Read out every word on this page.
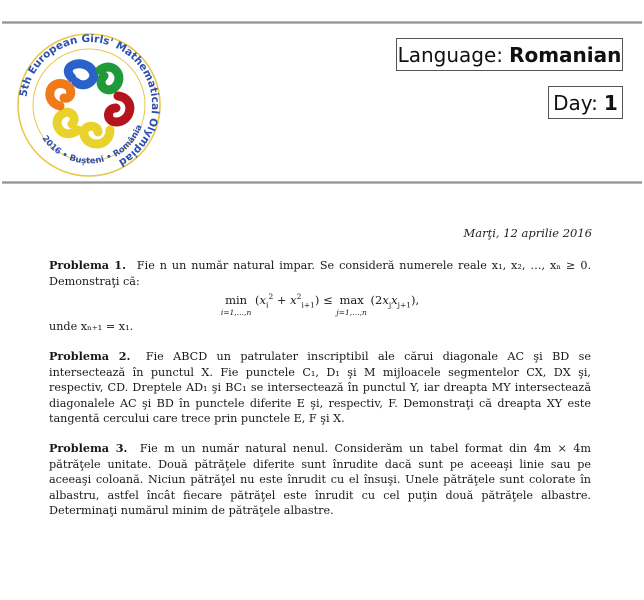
5th European Girls' Mathematical Olympiad
2016 • Bușteni • România
Language: Romanian
Day: 1
Marţi, 12 aprilie 2016
Problema 1. Fie n un număr natural impar. Se consideră numerele reale x₁, x₂, …, xₙ ≥ 0. Demonstraţi că:
min
i=1,…,n
$(x_i^2 + x^2_{i+1}) \le \max$
j=1,…,n
$(2x_jx_{j+1})$,
unde xₙ₊₁ = x₁.
Problema 2. Fie ABCD un patrulater inscriptibil ale cărui diagonale AC şi BD se intersectează în punctul X. Fie punctele C₁, D₁ şi M mijloacele segmentelor CX, DX şi, respectiv, CD. Dreptele AD₁ şi BC₁ se intersectează în punctul Y, iar dreapta MY intersectează diagonalele AC şi BD în punctele diferite E şi, respectiv, F. Demonstraţi că dreapta XY este tangentă cercului care trece prin punctele E, F şi X.
Problema 3. Fie m un număr natural nenul. Considerăm un tabel format din 4m × 4m pătrăţele unitate. Două pătrăţele diferite sunt înrudite dacă sunt pe aceeaşi linie sau pe aceeaşi coloană. Niciun pătrăţel nu este înrudit cu el însuşi. Unele pătrăţele sunt colorate în albastru, astfel încât fiecare pătrăţel este înrudit cu cel puţin două pătrăţele albastre. Determinaţi numărul minim de pătrăţele albastre.
